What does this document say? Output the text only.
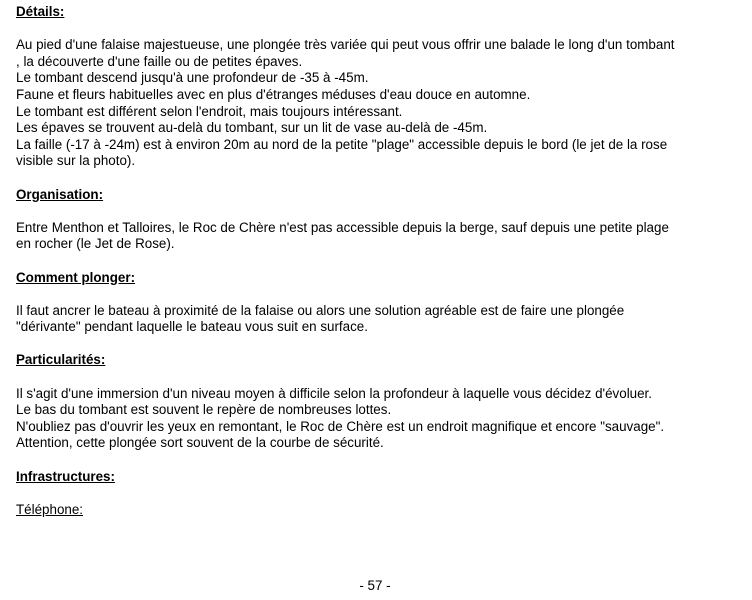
Détails:

Au pied d'une falaise majestueuse, une plongée très variée qui peut vous offrir une balade le long d'un tombant
, la découverte d'une faille ou de petites épaves.
Le tombant descend jusqu'à une profondeur de -35 à -45m.
Faune et fleurs habituelles avec en plus d'étranges méduses d'eau douce en automne.
Le tombant est différent selon l'endroit, mais toujours intéressant.
Les épaves se trouvent au-delà du tombant, sur un lit de vase au-delà de -45m.
La faille (-17 à -24m) est à environ 20m au nord de la petite "plage" accessible depuis le bord (le jet de la rose
visible sur la photo).

Organisation:

Entre Menthon et Talloires, le Roc de Chère n'est pas accessible depuis la berge, sauf depuis une petite plage
en rocher (le Jet de Rose).

Comment plonger:

Il faut ancrer le bateau à proximité de la falaise ou alors une solution agréable est de faire une plongée
"dérivante" pendant laquelle le bateau vous suit en surface.

Particularités:

Il s'agit d'une immersion d'un niveau moyen à difficile selon la profondeur à laquelle vous décidez d'évoluer.
Le bas du tombant est souvent le repère de nombreuses lottes.
N'oubliez pas d'ouvrir les yeux en remontant, le Roc de Chère est un endroit magnifique et encore "sauvage".
Attention, cette plongée sort souvent de la courbe de sécurité.

Infrastructures:

Téléphone:

- 57 -
